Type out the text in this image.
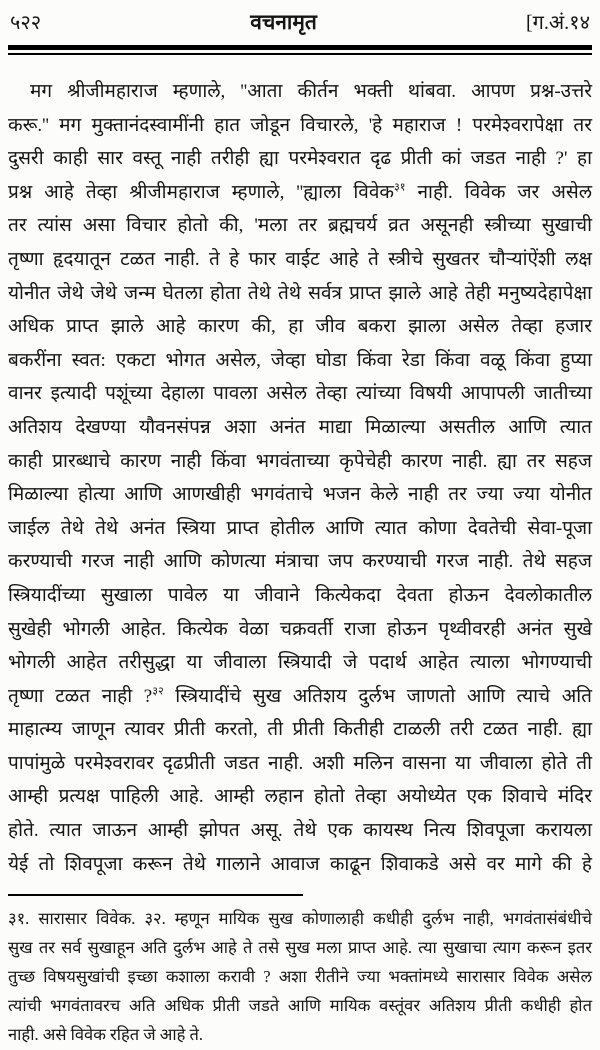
५२२	वचनामृत	[ग.अं.१४
मग श्रीजीमहाराज म्हणाले, ''आता कीर्तन भक्ती थांबवा. आपण प्रश्न-उत्तरे
करू.'' मग मुक्तानंदस्वामींनी हात जोडून विचारले, 'हे महाराज ! परमेश्वरापेक्षा तर
दुसरी काही सार वस्तू नाही तरीही ह्या परमेश्वरात दृढ प्रीती कां जडत नाही ?' हा
प्रश्न आहे तेव्हा श्रीजीमहाराज म्हणाले, ''ह्याला विवेक$^{३१}$ नाही. विवेक जर असेल
तर त्यांस असा विचार होतो की, 'मला तर ब्रह्मचर्य व्रत असूनही स्त्रीच्या सुखाची
तृष्णा हृदयातून टळत नाही. ते हे फार वाईट आहे ते स्त्रीचे सुखतर चौऱ्यांऐंशी लक्ष
योनीत जेथे जेथे जन्म घेतला होता तेथे तेथे सर्वत्र प्राप्त झाले आहे तेही मनुष्यदेहापेक्षा
अधिक प्राप्त झाले आहे कारण की, हा जीव बकरा झाला असेल तेव्हा हजार
बकरींना स्वत: एकटा भोगत असेल, जेव्हा घोडा किंवा रेडा किंवा वळू किंवा हुप्या
वानर इत्यादी पशूंच्या देहाला पावला असेल तेव्हा त्यांच्या विषयी आपापली जातीच्या
अतिशय देखण्या यौवनसंपन्न अशा अनंत माद्या मिळाल्या असतील आणि त्यात
काही प्रारब्धाचे कारण नाही किंवा भगवंताच्या कृपेचेही कारण नाही. ह्या तर सहज
मिळाल्या होत्या आणि आणखीही भगवंताचे भजन केले नाही तर ज्या ज्या योनीत
जाईल तेथे तेथे अनंत स्त्रिया प्राप्त होतील आणि त्यात कोणा देवतेची सेवा-पूजा
करण्याची गरज नाही आणि कोणत्या मंत्राचा जप करण्याची गरज नाही. तेथे सहज
स्त्रियादींच्या सुखाला पावेल या जीवाने कित्येकदा देवता होऊन देवलोकातील
सुखेही भोगली आहेत. कित्येक वेळा चक्रवर्ती राजा होऊन पृथ्वीवरही अनंत सुखे
भोगली आहेत तरीसुद्धा या जीवाला स्त्रियादी जे पदार्थ आहेत त्याला भोगण्याची
तृष्णा टळत नाही ?$^{३२}$ स्त्रियादींचे सुख अतिशय दुर्लभ जाणतो आणि त्याचे अति
माहात्म्य जाणून त्यावर प्रीती करतो, ती प्रीती कितीही टाळली तरी टळत नाही. ह्या
पापांमुळे परमेश्वरावर दृढप्रीती जडत नाही. अशी मलिन वासना या जीवाला होते ती
आम्ही प्रत्यक्ष पाहिली आहे. आम्ही लहान होतो तेव्हा अयोध्येत एक शिवाचे मंदिर
होते. त्यात जाऊन आम्ही झोपत असू. तेथे एक कायस्थ नित्य शिवपूजा करायला
येई तो शिवपूजा करून तेथे गालाने आवाज काढून शिवाकडे असे वर मागे की हे
३१. सारासार विवेक. ३२. म्हणून मायिक सुख कोणालाही कधीही दुर्लभ नाही, भगवंतासंबंधीचे
सुख तर सर्व सुखाहून अति दुर्लभ आहे ते तसे सुख मला प्राप्त आहे. त्या सुखाचा त्याग करून इतर
तुच्छ विषयसुखांची इच्छा कशाला करावी ? अशा रीतीने ज्या भक्तांमध्ये सारासार विवेक असेल
त्यांची भगवंतावरच अति अधिक प्रीती जडते आणि मायिक वस्तूंवर अतिशय प्रीती कधीही होत
नाही. असे विवेक रहित जे आहे ते.
